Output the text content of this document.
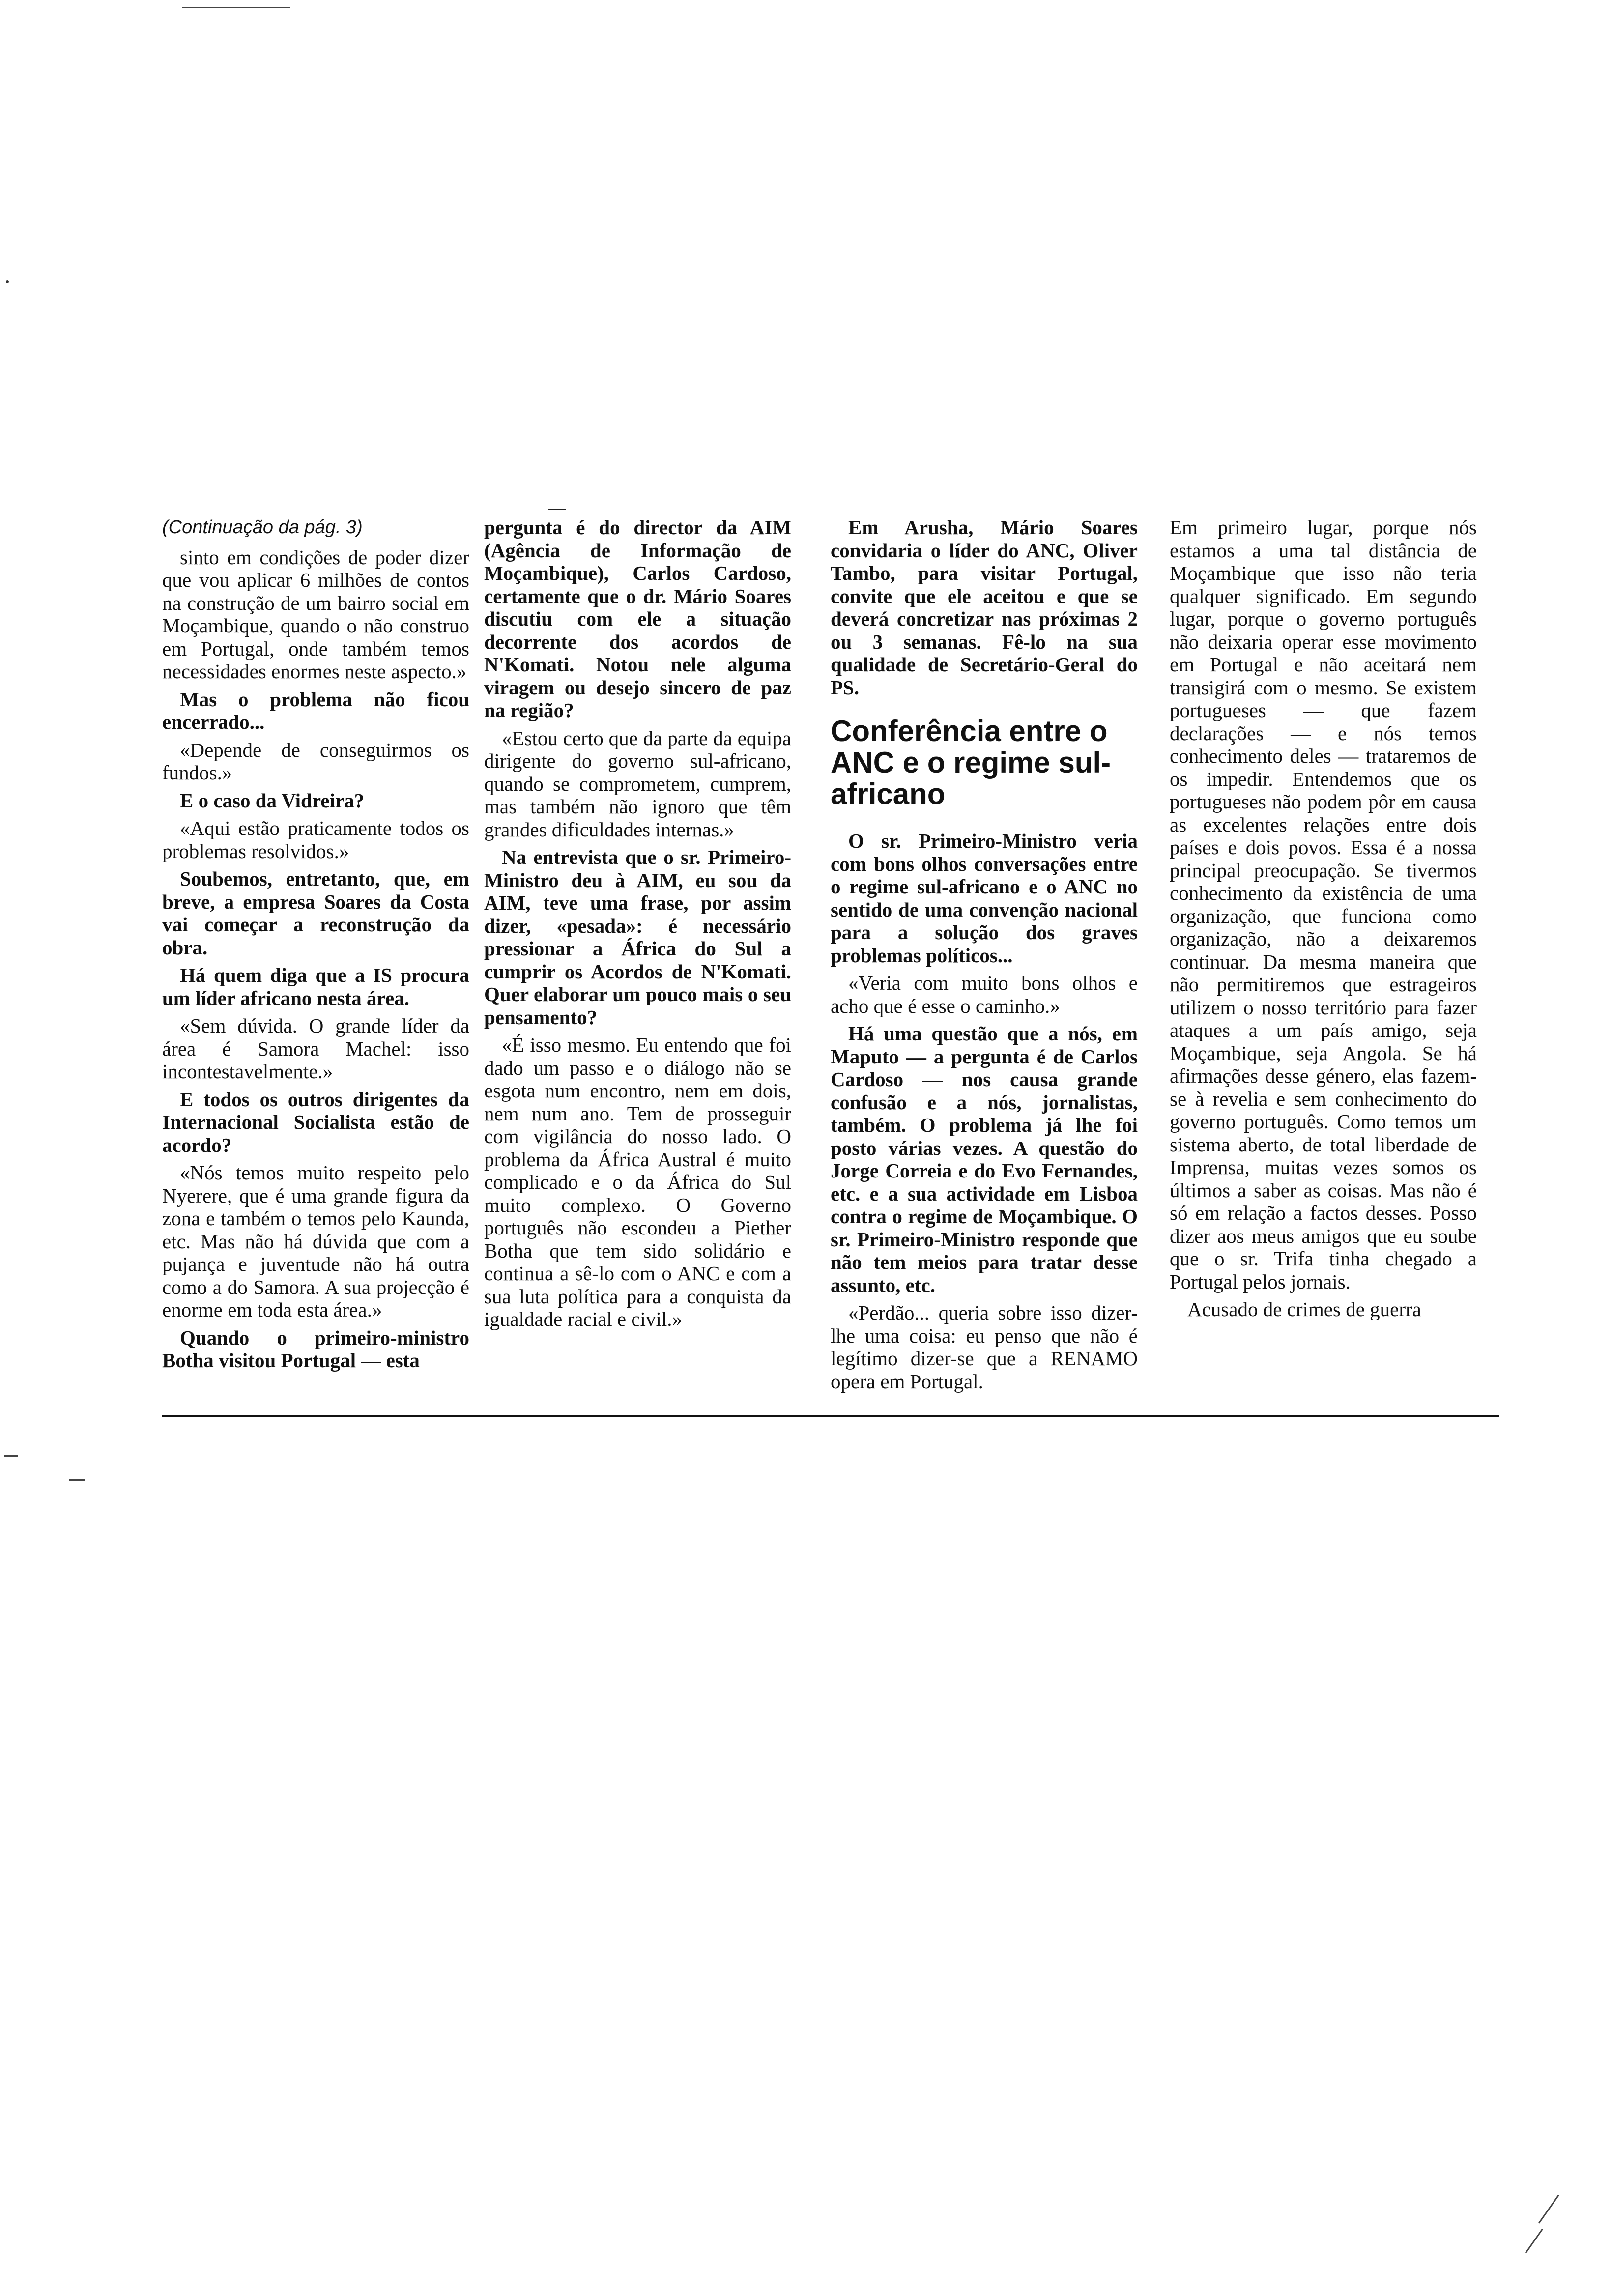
(Continuação da pág. 3)

sinto em condições de poder dizer que vou aplicar 6 milhões de contos na construção de um bairro social em Moçambique, quando o não construo em Portugal, onde também temos necessidades enormes neste aspecto.»

Mas o problema não ficou encerrado...

«Depende de conseguirmos os fundos.»

E o caso da Vidreira?

«Aqui estão praticamente todos os problemas resolvidos.»

Soubemos, entretanto, que, em breve, a empresa Soares da Costa vai começar a reconstrução da obra.

Há quem diga que a IS procura um líder africano nesta área.

«Sem dúvida. O grande líder da área é Samora Machel: isso incontestavelmente.»

E todos os outros dirigentes da Internacional Socialista estão de acordo?

«Nós temos muito respeito pelo Nyerere, que é uma grande figura da zona e também o temos pelo Kaunda, etc. Mas não há dúvida que com a pujança e juventude não há outra como a do Samora. A sua projecção é enorme em toda esta área.»

Quando o primeiro-ministro Botha visitou Portugal — esta

pergunta é do director da AIM (Agência de Informação de Moçambique), Carlos Cardoso, certamente que o dr. Mário Soares discutiu com ele a situação decorrente dos acordos de N'Komati. Notou nele alguma viragem ou desejo sincero de paz na região?

«Estou certo que da parte da equipa dirigente do governo sul-africano, quando se comprometem, cumprem, mas também não ignoro que têm grandes dificuldades internas.»

Na entrevista que o sr. Primeiro-Ministro deu à AIM, eu sou da AIM, teve uma frase, por assim dizer, «pesada»: é necessário pressionar a África do Sul a cumprir os Acordos de N'Komati. Quer elaborar um pouco mais o seu pensamento?

«É isso mesmo. Eu entendo que foi dado um passo e o diálogo não se esgota num encontro, nem em dois, nem num ano. Tem de prosseguir com vigilância do nosso lado. O problema da África Austral é muito complicado e o da África do Sul muito complexo. O Governo português não escondeu a Piether Botha que tem sido solidário e continua a sê-lo com o ANC e com a sua luta política para a conquista da igualdade racial e civil.»

Em Arusha, Mário Soares convidaria o líder do ANC, Oliver Tambo, para visitar Portugal, convite que ele aceitou e que se deverá concretizar nas próximas 2 ou 3 semanas. Fê-lo na sua qualidade de Secretário-Geral do PS.

Conferência entre o ANC e o regime sul-africano

O sr. Primeiro-Ministro veria com bons olhos conversações entre o regime sul-africano e o ANC no sentido de uma convenção nacional para a solução dos graves problemas políticos...

«Veria com muito bons olhos e acho que é esse o caminho.»

Há uma questão que a nós, em Maputo — a pergunta é de Carlos Cardoso — nos causa grande confusão e a nós, jornalistas, também. O problema já lhe foi posto várias vezes. A questão do Jorge Correia e do Evo Fernandes, etc. e a sua actividade em Lisboa contra o regime de Moçambique. O sr. Primeiro-Ministro responde que não tem meios para tratar desse assunto, etc.

«Perdão... queria sobre isso dizer-lhe uma coisa: eu penso que não é legítimo dizer-se que a RENAMO opera em Portugal.

Em primeiro lugar, porque nós estamos a uma tal distância de Moçambique que isso não teria qualquer significado. Em segundo lugar, porque o governo português não deixaria operar esse movimento em Portugal e não aceitará nem transigirá com o mesmo. Se existem portugueses — que fazem declarações — e nós temos conhecimento deles — trataremos de os impedir. Entendemos que os portugueses não podem pôr em causa as excelentes relações entre dois países e dois povos. Essa é a nossa principal preocupação. Se tivermos conhecimento da existência de uma organização, que funciona como organização, não a deixaremos continuar. Da mesma maneira que não permitiremos que estrageiros utilizem o nosso território para fazer ataques a um país amigo, seja Moçambique, seja Angola. Se há afirmações desse género, elas fazem-se à revelia e sem conhecimento do governo português. Como temos um sistema aberto, de total liberdade de Imprensa, muitas vezes somos os últimos a saber as coisas. Mas não é só em relação a factos desses. Posso dizer aos meus amigos que eu soube que o sr. Trifa tinha chegado a Portugal pelos jornais.

Acusado de crimes de guerra
